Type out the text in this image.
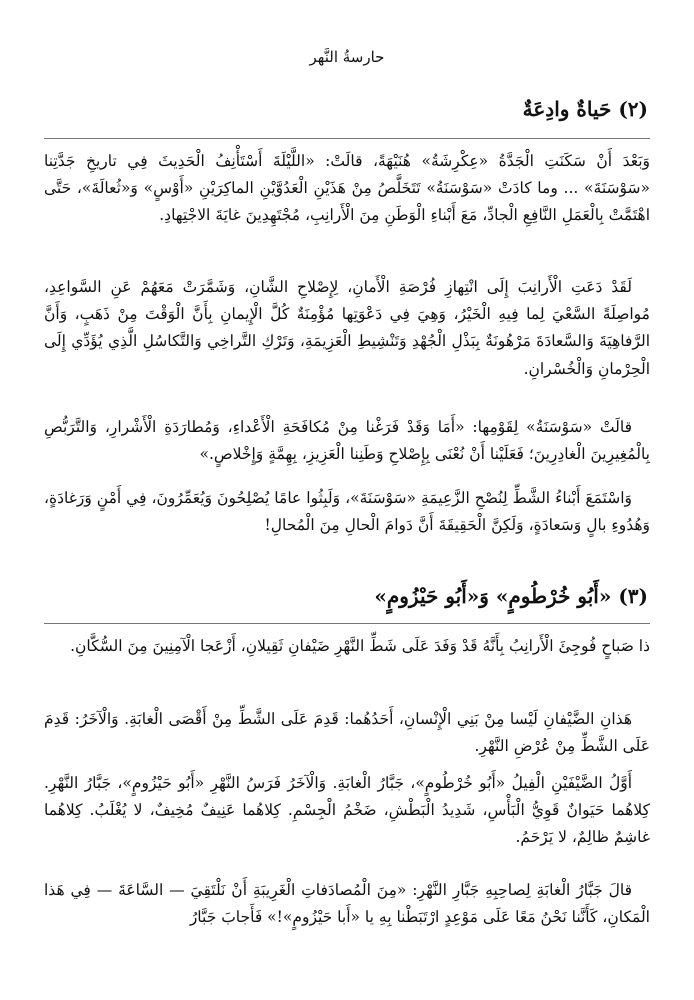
حارسةُ النَّهر
(٢) حَياةٌ وادِعَةٌ

وَبَعْدَ أَنْ سَكَنَتِ الْجَدَّةُ «عِكْرِشَةُ» هُنَيْهَةً، قالَتْ: «اللَّيْلَةَ أَسْتَأْنِفُ الْحَدِيثَ فِي تاريخِ جَدَّتِنا «سَوْسَنَةَ» ... وما كادَتْ «سَوْسَنَةُ» تَتَخَلَّصُ مِنْ هَذَيْنِ الْعَدُوَّيْنِ الماكِرَيْنِ «أَوْسٍ» وَ«ثُعالَةَ»، حَتَّى اهْتَمَّتْ بِالْعَمَلِ النَّافِعِ الْجادِّ، مَعَ أَبْناءِ الْوَطَنِ مِنَ الْأَرانِبِ، مُجْتَهِدِينَ غايَةَ الاجْتِهادِ.

لَقَدْ دَعَتِ الْأَرانِبَ إِلَى انْتِهازِ فُرْصَةِ الْأَمانِ، لِإِصْلاحِ الشَّانِ، وَشَمَّرَتْ مَعَهُمْ عَنِ السَّواعِدِ، مُواصِلَةً السَّعْيَ لِما فِيهِ الْخَيْرُ، وَهِيَ فِي دَعْوَتِها مُؤْمِنَةٌ كُلَّ الْإِيمانِ بِأَنَّ الْوَقْتَ مِنْ ذَهَبٍ، وَأَنَّ الرَّفاهِيَةَ وَالسَّعادَةَ مَرْهُونَةٌ بِبَذْلِ الْجُهْدِ وَتَنْشِيطِ الْعَزِيمَةِ، وَتَرْكِ التَّراخِي وَالتَّكاسُلِ الَّذِي يُؤَدِّي إِلَى الْحِرْمانِ وَالْخُسْرانِ.

قالَتْ «سَوْسَنَةُ» لِقَوْمِها: «أَمَا وَقَدْ فَرَغْنا مِنْ مُكافَحَةِ الْأَعْداءِ، وَمُطارَدَةِ الْأَشْرارِ، وَالتَّرَبُّصِ بِالْمُغِيرِينَ الْغادِرِينَ؛ فَعَلَيْنا أَنْ نُعْنَى بِإِصْلاحِ وَطَنِنا الْعَزِيزِ، بِهِمَّةٍ وَإِخْلاصٍ.»

وَاسْتَمَعَ أَبْناءُ الشَّطِّ لِنُصْحِ الزَّعِيمَةِ «سَوْسَنَةَ»، وَلَبِثُوا عامًا يُصْلِحُونَ وَيُعَمِّرُونَ، فِي أَمْنٍ وَرَغادَةٍ، وَهُدُوءِ بالٍ وَسَعادَةٍ، وَلَكِنَّ الْحَقِيقَةَ أَنَّ دَوامَ الْحالِ مِنَ الْمُحالِ!

(٣) «أَبُو خُرْطُومٍ» وَ«أَبُو حَيْزُومٍ»

ذا صَباحٍ فُوجِئَ الْأَرانِبُ بِأَنَّهُ قَدْ وَفَدَ عَلَى شَطِّ النَّهْرِ ضَيْفانِ ثَقِيلانِ، أَزْعَجا الْآمِنِينَ مِنَ السُّكَّانِ.

هَذانِ الضَّيْفانِ لَيْسا مِنْ بَنِي الْإِنْسانِ، أَحَدُهُما: قَدِمَ عَلَى الشَّطِّ مِنْ أَقْصَى الْغابَةِ. وَالْآخَرُ: قَدِمَ عَلَى الشَّطِّ مِنْ عُرْضِ النَّهْرِ.

أَوَّلُ الضَّيْفَيْنِ الْفِيلُ «أَبُو خُرْطُومٍ»، جَبَّارُ الْغابَةِ. وَالْآخَرُ فَرَسُ النَّهْرِ «أَبُو حَيْزُومٍ»، جَبَّارُ النَّهْرِ. كِلاهُما حَيَوانٌ قَوِيُّ الْبَأْسِ، شَدِيدُ الْبَطْشِ، ضَخْمُ الْجِسْمِ. كِلاهُما عَنِيفٌ مُخِيفٌ، لا يُغْلَبُ. كِلاهُما غاشِمٌ ظالِمٌ، لا يَرْحَمُ.

قالَ جَبَّارُ الْغابَةِ لِصاحِبِهِ جَبَّارِ النَّهْرِ: «مِنَ الْمُصادَفاتِ الْغَرِيبَةِ أَنْ نَلْتَقِيَ — السَّاعَةَ — فِي هَذا الْمَكانِ، كَأَنَّنا نَحْنُ مَعًا عَلَى مَوْعِدٍ ارْتَبَطْنا بِهِ يا «أَبا حَيْزُومٍ»!» فَأَجابَ جَبَّارُ
